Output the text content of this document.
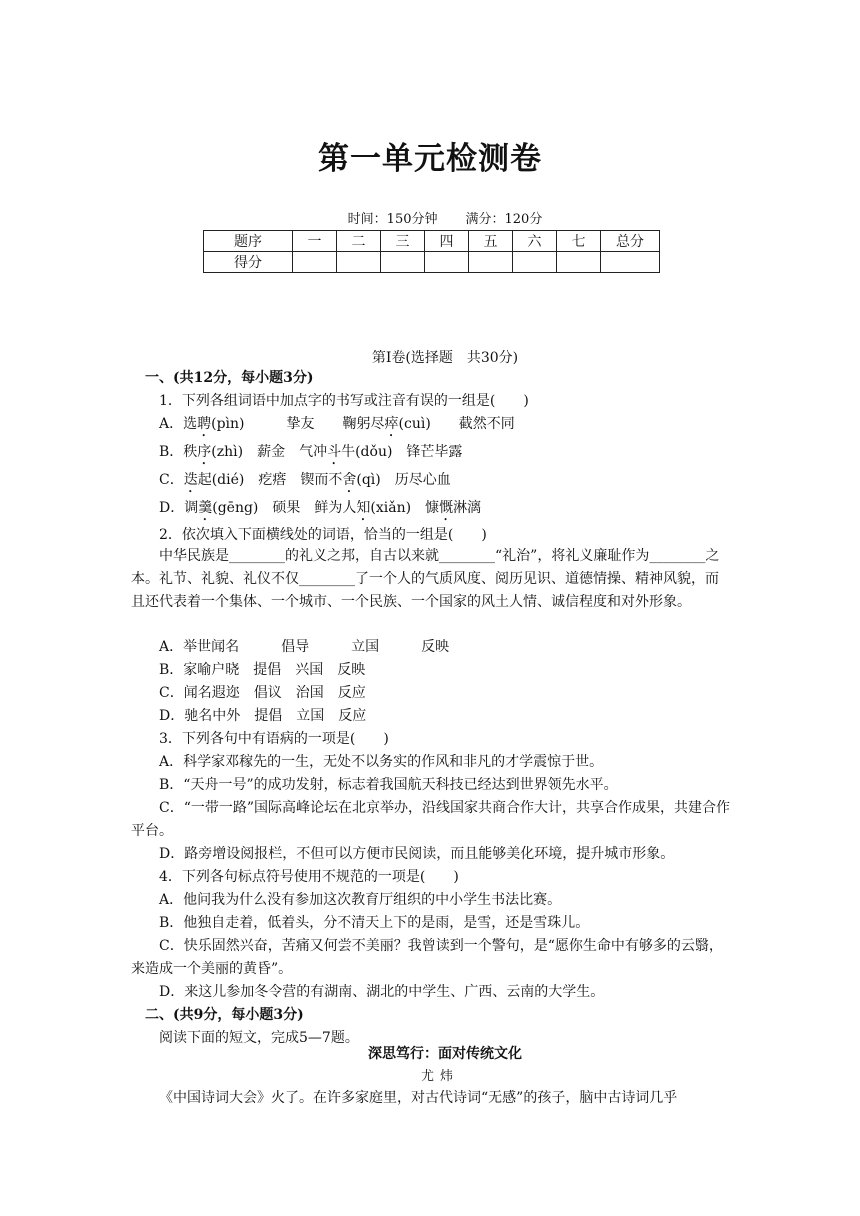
第一单元检测卷
时间：150分钟 满分：120分
题序	一	二	三	四	五	六	七	总分
得分								
第Ⅰ卷(选择题　共30分)
一、(共12分，每小题3分)
1．下列各组词语中加点字的书写或注音有误的一组是(　　)
A．选聘(pìn)　　　挚友　　鞠躬尽瘁(cuì)　　截然不同
B．秩序(zhì)　薪金　气冲斗牛(dǒu)　锋芒毕露
C．迭起(dié)　疙瘩　锲而不舍(qì)　历尽心血
D．调羹(gēng)　硕果　鲜为人知(xiǎn)　慷慨淋漓
2．依次填入下面横线处的词语，恰当的一组是(　　)
中华民族是________的礼义之邦，自古以来就________“礼治”，将礼义廉耻作为________之本。礼节、礼貌、礼仪不仅________了一个人的气质风度、阅历见识、道德情操、精神风貌，而且还代表着一个集体、一个城市、一个民族、一个国家的风土人情、诚信程度和对外形象。
A．举世闻名　　　倡导　　　立国　　　反映
B．家喻户晓　提倡　兴国　反映
C．闻名遐迩　倡议　治国　反应
D．驰名中外　提倡　立国　反应
3．下列各句中有语病的一项是(　　)
A．科学家邓稼先的一生，无处不以务实的作风和非凡的才学震惊于世。
B．“天舟一号”的成功发射，标志着我国航天科技已经达到世界领先水平。
C．“一带一路”国际高峰论坛在北京举办，沿线国家共商合作大计，共享合作成果，共建合作平台。
D．路旁增设阅报栏，不但可以方便市民阅读，而且能够美化环境，提升城市形象。
4．下列各句标点符号使用不规范的一项是(　　)
A．他问我为什么没有参加这次教育厅组织的中小学生书法比赛。
B．他独自走着，低着头，分不清天上下的是雨，是雪，还是雪珠儿。
C．快乐固然兴奋，苦痛又何尝不美丽？我曾读到一个警句，是“愿你生命中有够多的云翳，来造成一个美丽的黄昏”。
D．来这儿参加冬令营的有湖南、湖北的中学生、广西、云南的大学生。
二、(共9分，每小题3分)
阅读下面的短文，完成5—7题。
深思笃行：面对传统文化
尤炜
《中国诗词大会》火了。在许多家庭里，对古代诗词“无感”的孩子，脑中古诗词几乎
